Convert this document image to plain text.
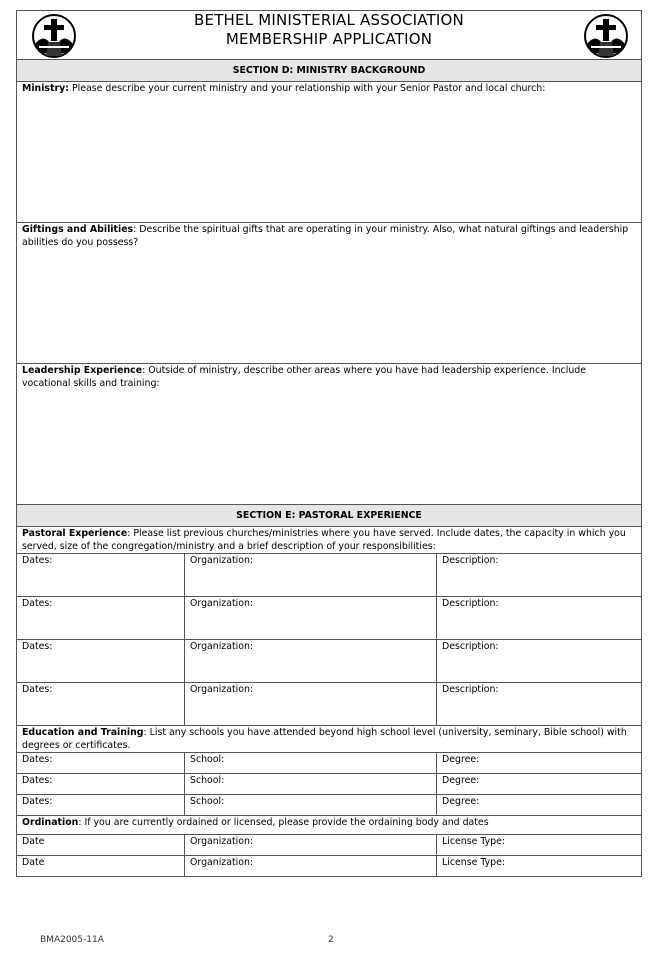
BETHEL MINISTERIAL ASSOCIATION
MEMBERSHIP APPLICATION		

SECTION D: MINISTRY BACKGROUND		
Ministry: Please describe your current ministry and your relationship with your Senior Pastor and local church:		
Giftings and Abilities: Describe the spiritual gifts that are operating in your ministry. Also, what natural giftings and leadership abilities do you possess?		
Leadership Experience: Outside of ministry, describe other areas where you have had leadership experience. Include vocational skills and training:		
SECTION E: PASTORAL EXPERIENCE		
Pastoral Experience: Please list previous churches/ministries where you have served. Include dates, the capacity in which you served, size of the congregation/ministry and a brief description of your responsibilities:		
Dates:	Organization:	Description:
Dates:	Organization:	Description:
Dates:	Organization:	Description:
Dates:	Organization:	Description:
Education and Training: List any schools you have attended beyond high school level (university, seminary, Bible school) with degrees or certificates.		
Dates:	School:	Degree:
Dates:	School:	Degree:
Dates:	School:	Degree:
Ordination: If you are currently ordained or licensed, please provide the ordaining body and dates		
Date	Organization:	License Type:
Date	Organization:	License Type:
BMA2005-11A	2
